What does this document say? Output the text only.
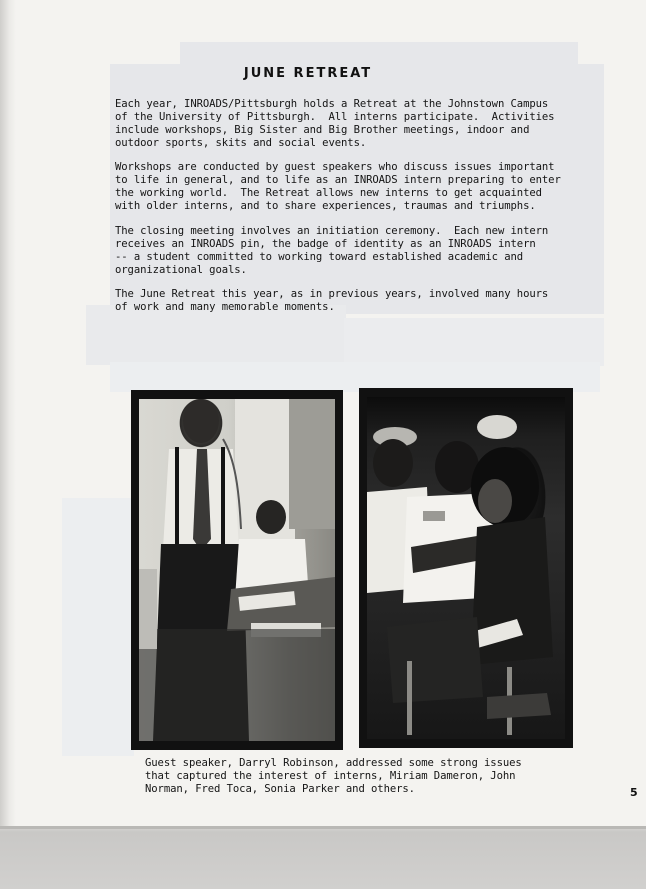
JUNE RETREAT

Each year, INROADS/Pittsburgh holds a Retreat at the Johnstown Campus
of the University of Pittsburgh.  All interns participate.  Activities
include workshops, Big Sister and Big Brother meetings, indoor and
outdoor sports, skits and social events.

Workshops are conducted by guest speakers who discuss issues important
to life in general, and to life as an INROADS intern preparing to enter
the working world.  The Retreat allows new interns to get acquainted
with older interns, and to share experiences, traumas and triumphs.

The closing meeting involves an initiation ceremony.  Each new intern
receives an INROADS pin, the badge of identity as an INROADS intern
-- a student committed to working toward established academic and
organizational goals.

The June Retreat this year, as in previous years, involved many hours
of work and many memorable moments.

Guest speaker, Darryl Robinson, addressed some strong issues
that captured the interest of interns, Miriam Dameron, John
Norman, Fred Toca, Sonia Parker and others.	5
